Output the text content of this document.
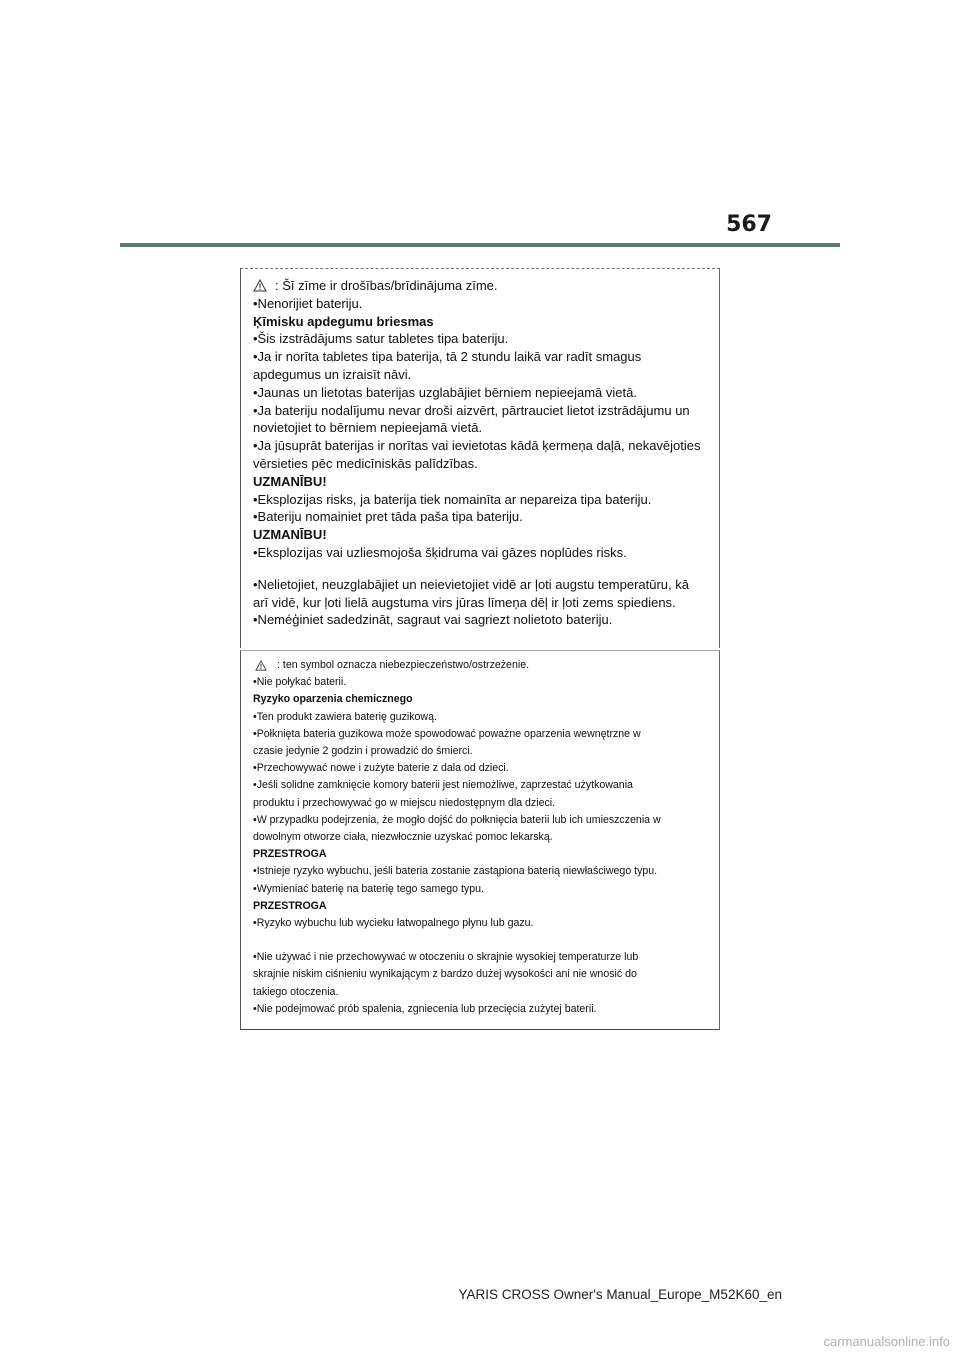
567
: Šī zīme ir drošības/brīdinājuma zīme.
•Nenorijiet bateriju.
Ķīmisku apdegumu briesmas
•Šis izstrādājums satur tabletes tipa bateriju.
•Ja ir norīta tabletes tipa baterija, tā 2 stundu laikā var radīt smagus
apdegumus un izraisīt nāvi.
•Jaunas un lietotas baterijas uzglabājiet bērniem nepieejamā vietā.
•Ja bateriju nodalījumu nevar droši aizvērt, pārtrauciet lietot izstrādājumu un
novietojiet to bērniem nepieejamā vietā.
•Ja jūsuprāt baterijas ir norītas vai ievietotas kādā ķermeņa daļā, nekavējoties
vērsieties pēc medicīniskās palīdzības.
UZMANĪBU!
•Eksplozijas risks, ja baterija tiek nomainīta ar nepareiza tipa bateriju.
•Bateriju nomainiet pret tāda paša tipa bateriju.
UZMANĪBU!
•Eksplozijas vai uzliesmojoša šķidruma vai gāzes noplūdes risks.
•Nelietojiet, neuzglabājiet un neievietojiet vidē ar ļoti augstu temperatūru, kā
arī vidē, kur ļoti lielā augstuma virs jūras līmeņa dēļ ir ļoti zems spiediens.
•Neméģiniet sadedzināt, sagraut vai sagriezt nolietoto bateriju.
: ten symbol oznacza niebezpieczeństwo/ostrzeżenie.
•Nie połykać baterii.
Ryzyko oparzenia chemicznego
•Ten produkt zawiera baterię guzikową.
•Połknięta bateria guzikowa może spowodować poważne oparzenia wewnętrzne w
czasie jedynie 2 godzin i prowadzić do śmierci.
•Przechowywać nowe i zużyte baterie z dala od dzieci.
•Jeśli solidne zamknięcie komory baterii jest niemożliwe, zaprzestać użytkowania
produktu i przechowywać go w miejscu niedostępnym dla dzieci.
•W przypadku podejrzenia, że mogło dojść do połknięcia baterii lub ich umieszczenia w
dowolnym otworze ciała, niezwłocznie uzyskać pomoc lekarską.
PRZESTROGA
•Istnieje ryzyko wybuchu, jeśli bateria zostanie zastąpiona baterią niewłaściwego typu.
•Wymieniać baterię na baterię tego samego typu.
PRZESTROGA
•Ryzyko wybuchu lub wycieku łatwopalnego płynu lub gazu.
•Nie używać i nie przechowywać w otoczeniu o skrajnie wysokiej temperaturze lub
skrajnie niskim ciśnieniu wynikającym z bardzo dużej wysokości ani nie wnosić do
takiego otoczenia.
•Nie podejmować prób spalenia, zgniecenia lub przecięcia zużytej baterii.
YARIS CROSS Owner's Manual_Europe_M52K60_en
carmanualsonline.info
